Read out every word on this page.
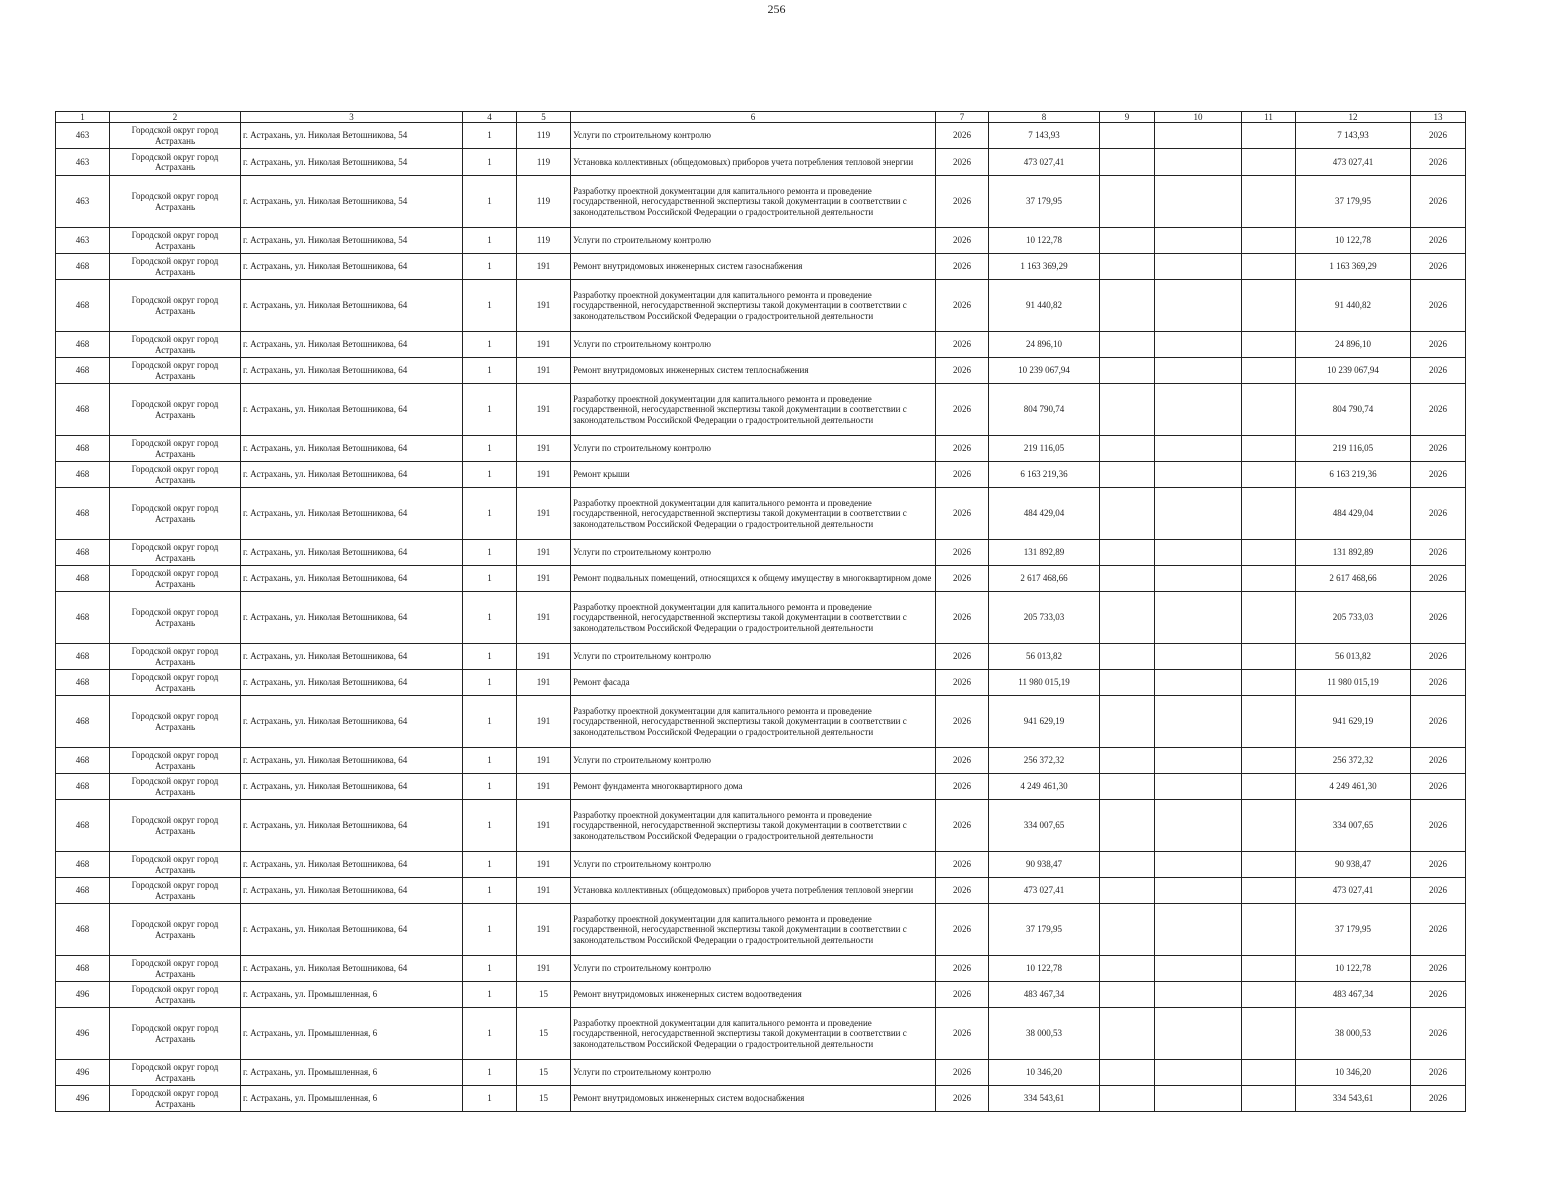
256
1	2	3	4	5	6	7	8	9	10	11	12	13
463	Городской округ город Астрахань	г. Астрахань, ул. Николая Ветошникова, 54	1	119	Услуги по строительному контролю	2026	7 143,93				7 143,93	2026
463	Городской округ город Астрахань	г. Астрахань, ул. Николая Ветошникова, 54	1	119	Установка коллективных (общедомовых) приборов учета потребления тепловой энергии	2026	473 027,41				473 027,41	2026
463	Городской округ город Астрахань	г. Астрахань, ул. Николая Ветошникова, 54	1	119	Разработку проектной документации для капитального ремонта и проведение государственной, негосударственной экспертизы такой документации в соответствии с законодательством Российской Федерации о градостроительной деятельности	2026	37 179,95				37 179,95	2026
463	Городской округ город Астрахань	г. Астрахань, ул. Николая Ветошникова, 54	1	119	Услуги по строительному контролю	2026	10 122,78				10 122,78	2026
468	Городской округ город Астрахань	г. Астрахань, ул. Николая Ветошникова, 64	1	191	Ремонт внутридомовых инженерных систем газоснабжения	2026	1 163 369,29				1 163 369,29	2026
468	Городской округ город Астрахань	г. Астрахань, ул. Николая Ветошникова, 64	1	191	Разработку проектной документации для капитального ремонта и проведение государственной, негосударственной экспертизы такой документации в соответствии с законодательством Российской Федерации о градостроительной деятельности	2026	91 440,82				91 440,82	2026
468	Городской округ город Астрахань	г. Астрахань, ул. Николая Ветошникова, 64	1	191	Услуги по строительному контролю	2026	24 896,10				24 896,10	2026
468	Городской округ город Астрахань	г. Астрахань, ул. Николая Ветошникова, 64	1	191	Ремонт внутридомовых инженерных систем теплоснабжения	2026	10 239 067,94				10 239 067,94	2026
468	Городской округ город Астрахань	г. Астрахань, ул. Николая Ветошникова, 64	1	191	Разработку проектной документации для капитального ремонта и проведение государственной, негосударственной экспертизы такой документации в соответствии с законодательством Российской Федерации о градостроительной деятельности	2026	804 790,74				804 790,74	2026
468	Городской округ город Астрахань	г. Астрахань, ул. Николая Ветошникова, 64	1	191	Услуги по строительному контролю	2026	219 116,05				219 116,05	2026
468	Городской округ город Астрахань	г. Астрахань, ул. Николая Ветошникова, 64	1	191	Ремонт крыши	2026	6 163 219,36				6 163 219,36	2026
468	Городской округ город Астрахань	г. Астрахань, ул. Николая Ветошникова, 64	1	191	Разработку проектной документации для капитального ремонта и проведение государственной, негосударственной экспертизы такой документации в соответствии с законодательством Российской Федерации о градостроительной деятельности	2026	484 429,04				484 429,04	2026
468	Городской округ город Астрахань	г. Астрахань, ул. Николая Ветошникова, 64	1	191	Услуги по строительному контролю	2026	131 892,89				131 892,89	2026
468	Городской округ город Астрахань	г. Астрахань, ул. Николая Ветошникова, 64	1	191	Ремонт подвальных помещений, относящихся к общему имуществу в многоквартирном доме	2026	2 617 468,66				2 617 468,66	2026
468	Городской округ город Астрахань	г. Астрахань, ул. Николая Ветошникова, 64	1	191	Разработку проектной документации для капитального ремонта и проведение государственной, негосударственной экспертизы такой документации в соответствии с законодательством Российской Федерации о градостроительной деятельности	2026	205 733,03				205 733,03	2026
468	Городской округ город Астрахань	г. Астрахань, ул. Николая Ветошникова, 64	1	191	Услуги по строительному контролю	2026	56 013,82				56 013,82	2026
468	Городской округ город Астрахань	г. Астрахань, ул. Николая Ветошникова, 64	1	191	Ремонт фасада	2026	11 980 015,19				11 980 015,19	2026
468	Городской округ город Астрахань	г. Астрахань, ул. Николая Ветошникова, 64	1	191	Разработку проектной документации для капитального ремонта и проведение государственной, негосударственной экспертизы такой документации в соответствии с законодательством Российской Федерации о градостроительной деятельности	2026	941 629,19				941 629,19	2026
468	Городской округ город Астрахань	г. Астрахань, ул. Николая Ветошникова, 64	1	191	Услуги по строительному контролю	2026	256 372,32				256 372,32	2026
468	Городской округ город Астрахань	г. Астрахань, ул. Николая Ветошникова, 64	1	191	Ремонт фундамента многоквартирного дома	2026	4 249 461,30				4 249 461,30	2026
468	Городской округ город Астрахань	г. Астрахань, ул. Николая Ветошникова, 64	1	191	Разработку проектной документации для капитального ремонта и проведение государственной, негосударственной экспертизы такой документации в соответствии с законодательством Российской Федерации о градостроительной деятельности	2026	334 007,65				334 007,65	2026
468	Городской округ город Астрахань	г. Астрахань, ул. Николая Ветошникова, 64	1	191	Услуги по строительному контролю	2026	90 938,47				90 938,47	2026
468	Городской округ город Астрахань	г. Астрахань, ул. Николая Ветошникова, 64	1	191	Установка коллективных (общедомовых) приборов учета потребления тепловой энергии	2026	473 027,41				473 027,41	2026
468	Городской округ город Астрахань	г. Астрахань, ул. Николая Ветошникова, 64	1	191	Разработку проектной документации для капитального ремонта и проведение государственной, негосударственной экспертизы такой документации в соответствии с законодательством Российской Федерации о градостроительной деятельности	2026	37 179,95				37 179,95	2026
468	Городской округ город Астрахань	г. Астрахань, ул. Николая Ветошникова, 64	1	191	Услуги по строительному контролю	2026	10 122,78				10 122,78	2026
496	Городской округ город Астрахань	г. Астрахань, ул. Промышленная, 6	1	15	Ремонт внутридомовых инженерных систем водоотведения	2026	483 467,34				483 467,34	2026
496	Городской округ город Астрахань	г. Астрахань, ул. Промышленная, 6	1	15	Разработку проектной документации для капитального ремонта и проведение государственной, негосударственной экспертизы такой документации в соответствии с законодательством Российской Федерации о градостроительной деятельности	2026	38 000,53				38 000,53	2026
496	Городской округ город Астрахань	г. Астрахань, ул. Промышленная, 6	1	15	Услуги по строительному контролю	2026	10 346,20				10 346,20	2026
496	Городской округ город Астрахань	г. Астрахань, ул. Промышленная, 6	1	15	Ремонт внутридомовых инженерных систем водоснабжения	2026	334 543,61				334 543,61	2026
